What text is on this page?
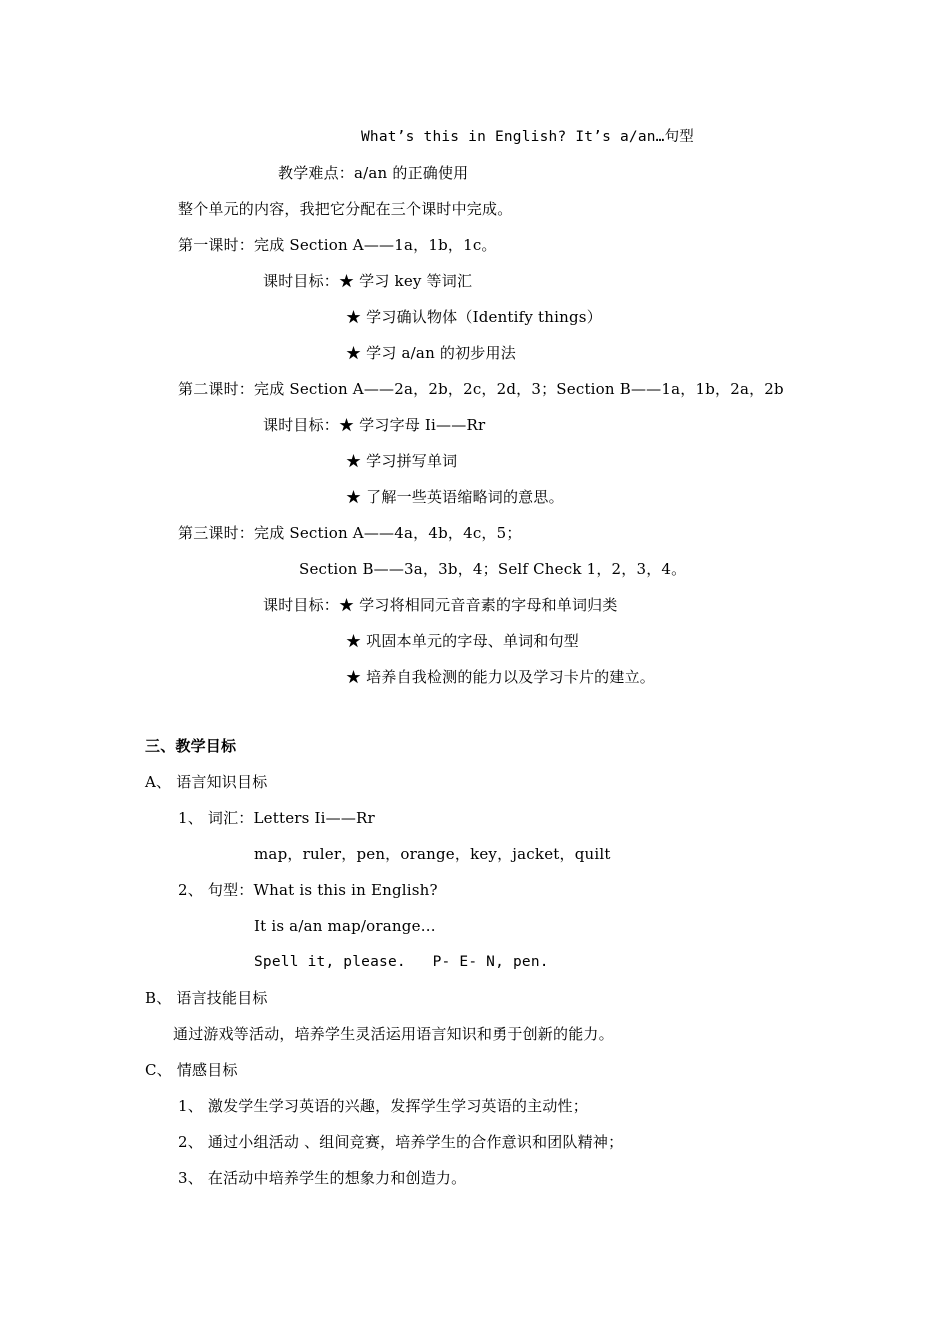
What’s this in English? It’s a/an…句型
教学难点：a/an 的正确使用
整个单元的内容，我把它分配在三个课时中完成。
第一课时：完成 Section A——1a，1b，1c。
课时目标：★ 学习 key 等词汇
★ 学习确认物体（Identify things）
★ 学习 a/an 的初步用法
第二课时：完成 Section A——2a，2b，2c，2d，3；Section B——1a，1b，2a，2b
课时目标：★ 学习字母 Ii——Rr
★ 学习拼写单词
★ 了解一些英语缩略词的意思。
第三课时：完成 Section A——4a，4b，4c，5；
Section B——3a，3b，4；Self Check 1，2，3，4。
课时目标：★ 学习将相同元音音素的字母和单词归类
★ 巩固本单元的字母、单词和句型
★ 培养自我检测的能力以及学习卡片的建立。
三、教学目标
A、 语言知识目标
1、 词汇：Letters Ii——Rr
map，ruler，pen，orange，key，jacket，quilt
2、 句型：What is this in English?
It is a/an map/orange…
Spell it, please.   P- E- N, pen.
B、 语言技能目标
通过游戏等活动，培养学生灵活运用语言知识和勇于创新的能力。
C、 情感目标
1、 激发学生学习英语的兴趣，发挥学生学习英语的主动性；
2、 通过小组活动 、组间竞赛，培养学生的合作意识和团队精神；
3、 在活动中培养学生的想象力和创造力。
